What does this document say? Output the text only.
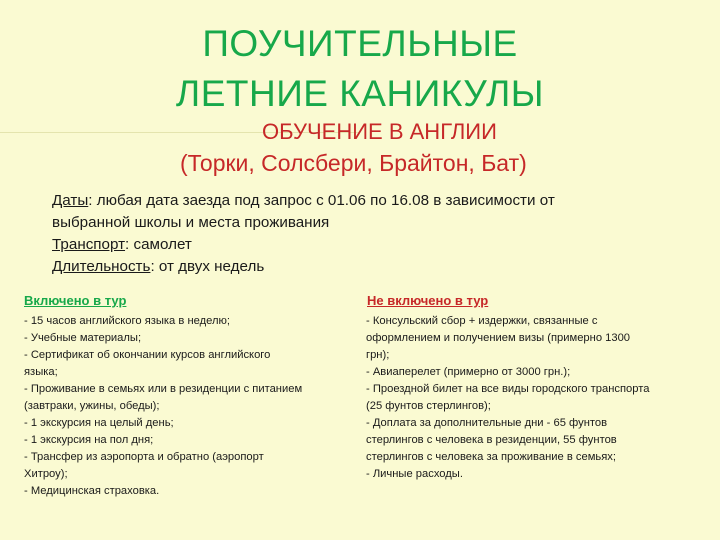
ПОУЧИТЕЛЬНЫЕ
ЛЕТНИЕ КАНИКУЛЫ
ОБУЧЕНИЕ В АНГЛИИ
(Торки, Солсбери, Брайтон, Бат)
Даты: любая дата заезда под запрос с 01.06 по 16.08 в зависимости от
выбранной школы и места проживания
Транспорт: самолет
Длительность: от двух недель
Включено в тур	Не включено в тур
- 15 часов английского языка в неделю;
- Учебные материалы;
- Сертификат об окончании курсов английского
языка;
- Проживание в семьях или в резиденции с питанием
(завтраки, ужины, обеды);
- 1 экскурсия на целый день;
- 1 экскурсия на пол дня;
- Трансфер из аэропорта и обратно (аэропорт
Хитроу);
- Медицинская страховка.
- Консульский сбор + издержки, связанные с
оформлением и получением визы (примерно 1300
грн);
- Авиаперелет (примерно от 3000 грн.);
- Проездной билет на все виды городского транспорта
(25 фунтов стерлингов);
- Доплата за дополнительные дни - 65 фунтов
стерлингов с человека в резиденции, 55 фунтов
стерлингов с человека за проживание в семьях;
- Личные расходы.
